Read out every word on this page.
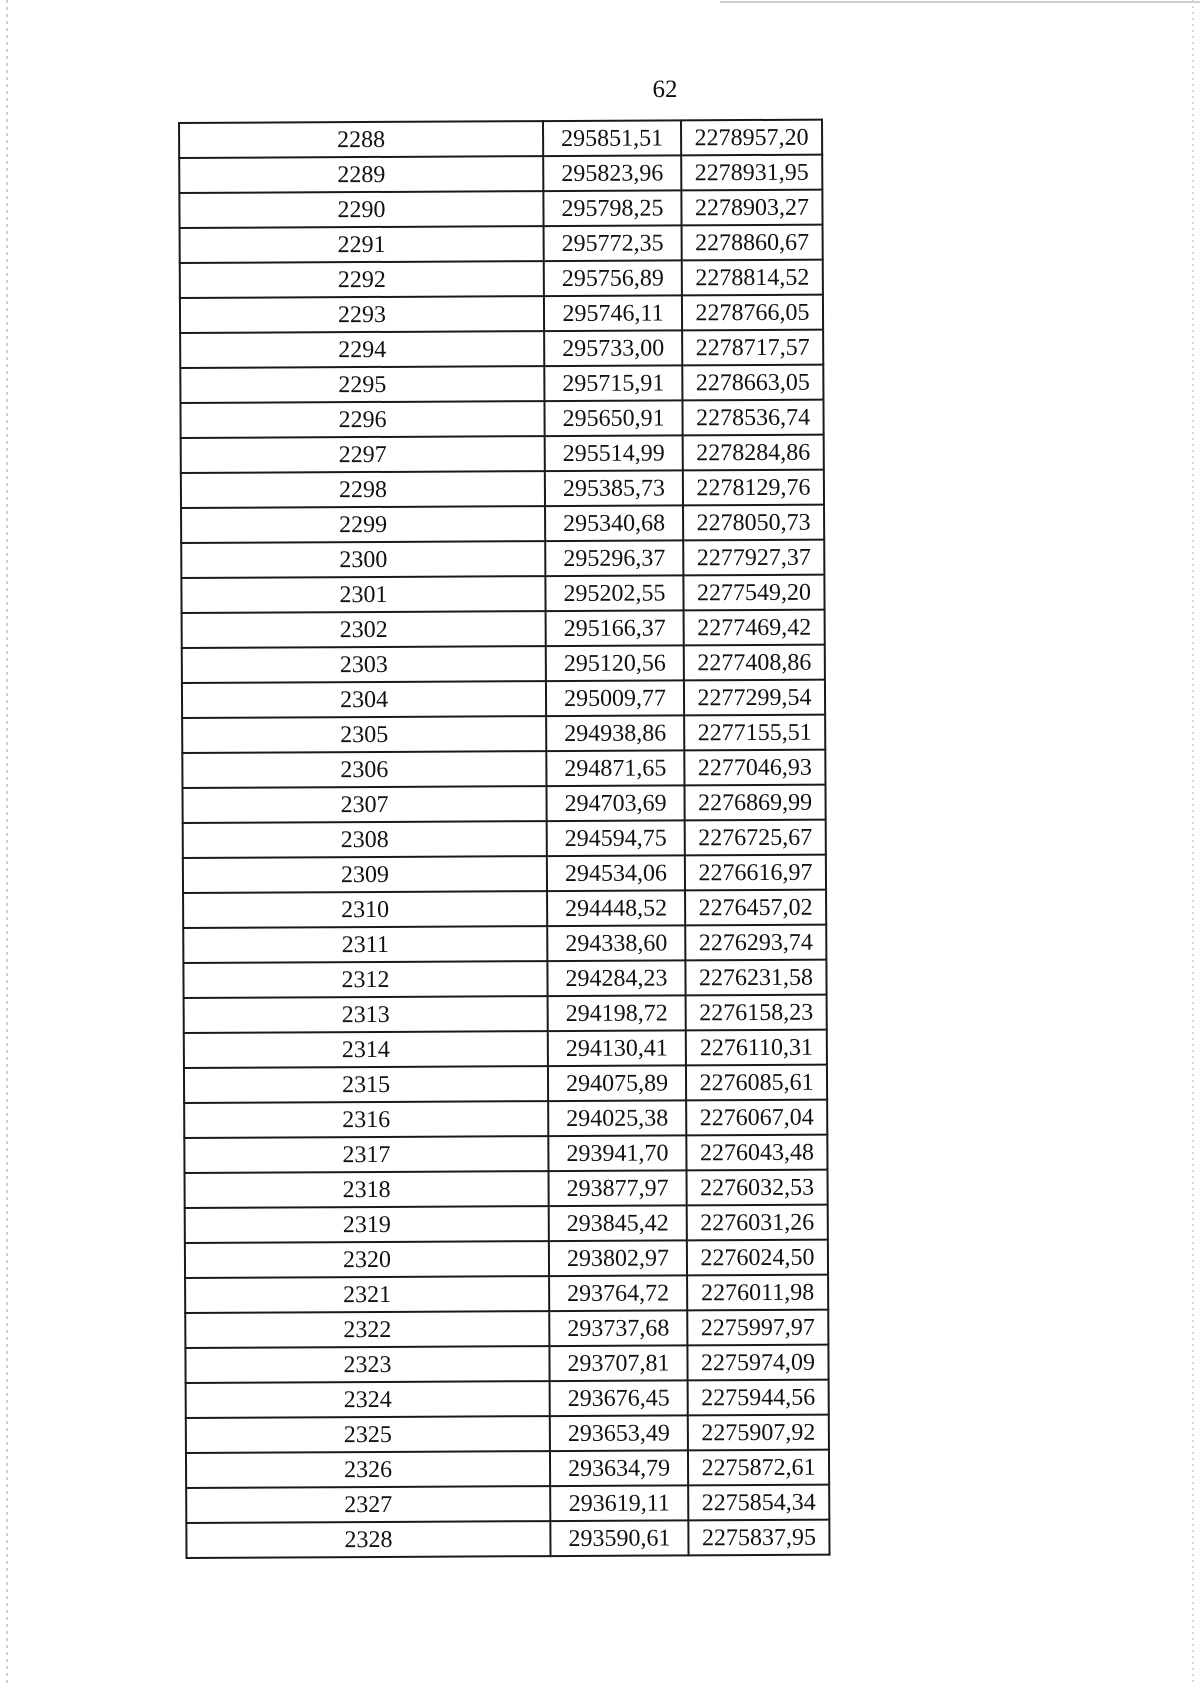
62
2288	295851,51	2278957,20
2289	295823,96	2278931,95
2290	295798,25	2278903,27
2291	295772,35	2278860,67
2292	295756,89	2278814,52
2293	295746,11	2278766,05
2294	295733,00	2278717,57
2295	295715,91	2278663,05
2296	295650,91	2278536,74
2297	295514,99	2278284,86
2298	295385,73	2278129,76
2299	295340,68	2278050,73
2300	295296,37	2277927,37
2301	295202,55	2277549,20
2302	295166,37	2277469,42
2303	295120,56	2277408,86
2304	295009,77	2277299,54
2305	294938,86	2277155,51
2306	294871,65	2277046,93
2307	294703,69	2276869,99
2308	294594,75	2276725,67
2309	294534,06	2276616,97
2310	294448,52	2276457,02
2311	294338,60	2276293,74
2312	294284,23	2276231,58
2313	294198,72	2276158,23
2314	294130,41	2276110,31
2315	294075,89	2276085,61
2316	294025,38	2276067,04
2317	293941,70	2276043,48
2318	293877,97	2276032,53
2319	293845,42	2276031,26
2320	293802,97	2276024,50
2321	293764,72	2276011,98
2322	293737,68	2275997,97
2323	293707,81	2275974,09
2324	293676,45	2275944,56
2325	293653,49	2275907,92
2326	293634,79	2275872,61
2327	293619,11	2275854,34
2328	293590,61	2275837,95
